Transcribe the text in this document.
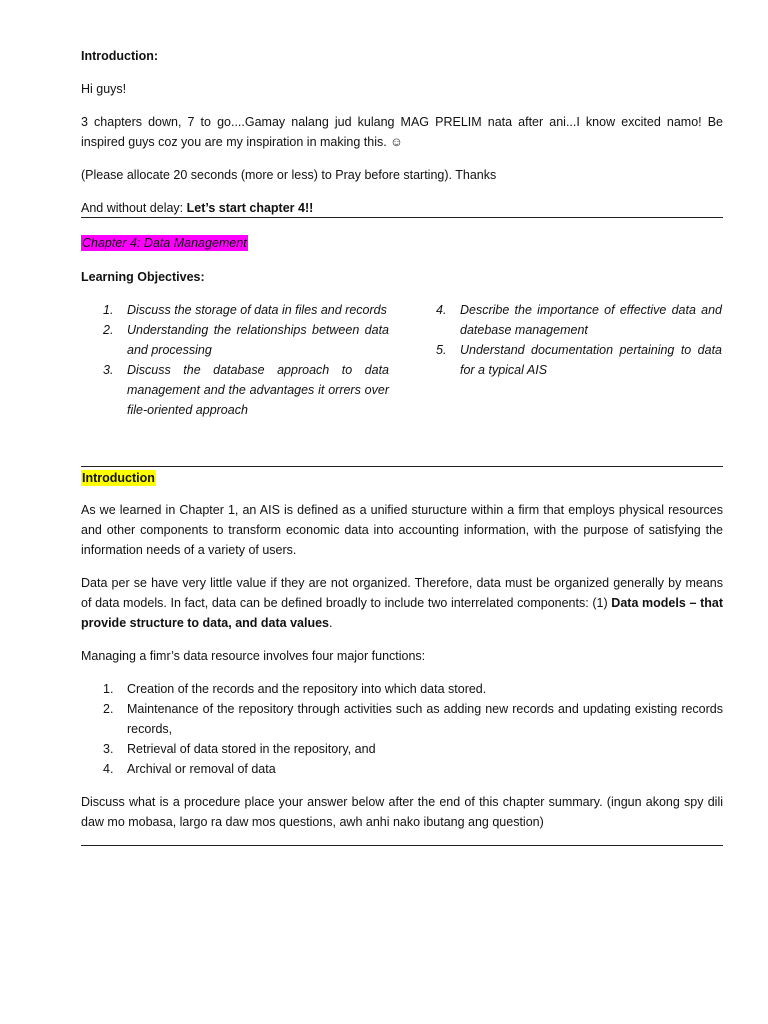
Introduction:

Hi guys!

3 chapters down, 7 to go....Gamay nalang jud kulang MAG PRELIM nata after ani...I know excited namo! Be inspired guys coz you are my inspiration in making this. ☺

(Please allocate 20 seconds (more or less) to Pray before starting). Thanks

And without delay: Let’s start chapter 4!!

Chapter 4: Data Management

Learning Objectives:

1. Discuss the storage of data in files and records
2. Understanding the relationships between data and processing
3. Discuss the database approach to data management and the advantages it orrers over file-oriented approach
4. Describe the importance of effective data and datebase management
5. Understand documentation pertaining to data for a typical AIS

Introduction

As we learned in Chapter 1, an AIS is defined as a unified sturucture within a firm that employs physical resources and other components to transform economic data into accounting information, with the purpose of satisfying the information needs of a variety of users.

Data per se have very little value if they are not organized. Therefore, data must be organized generally by means of data models. In fact, data can be defined broadly to include two interrelated components: (1) Data models – that provide structure to data, and data values.

Managing a fimr’s data resource involves four major functions:

1. Creation of the records and the repository into which data stored.
2. Maintenance of the repository through activities such as adding new records and updating existing records records,
3. Retrieval of data stored in the repository, and
4. Archival or removal of data

Discuss what is a procedure place your answer below after the end of this chapter summary. (ingun akong spy dili daw mo mobasa, largo ra daw mos questions, awh anhi nako ibutang ang question)
